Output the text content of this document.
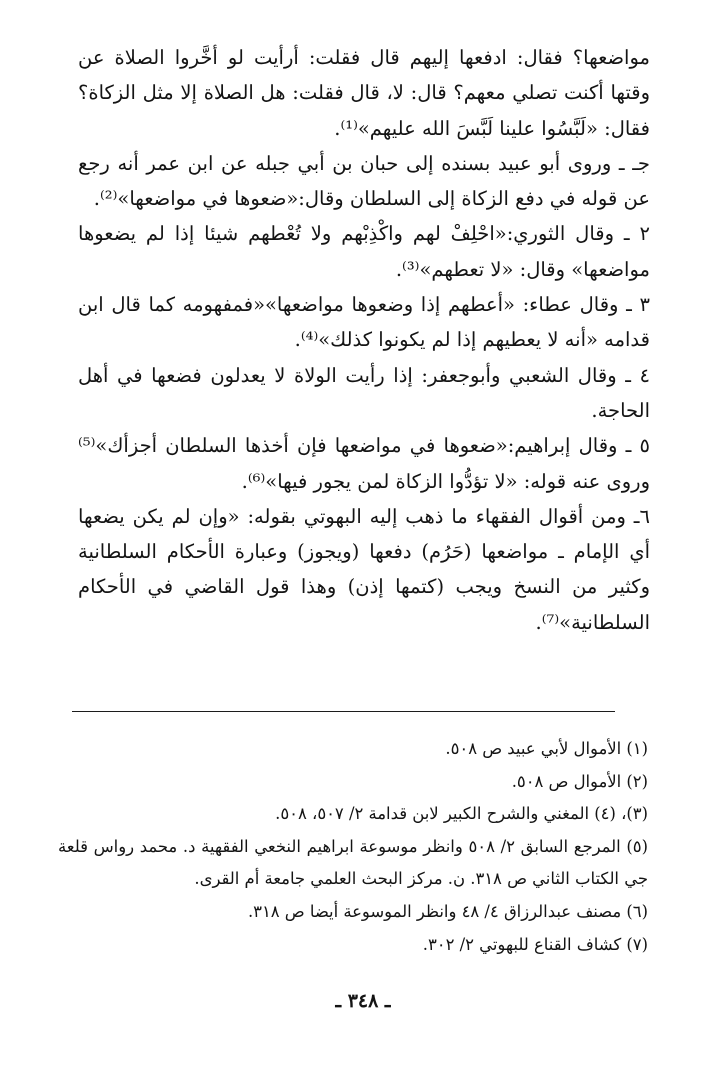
مواضعها؟ فقال: ادفعها إليهم قال فقلت: أرأيت لو أخَّروا الصلاة عن وقتها أكنت تصلي معهم؟ قال: لا، قال فقلت: هل الصلاة إلا مثل الزكاة؟ فقال: «لَبَّسُوا علينا لَبَّسَ الله عليهم»⁽¹⁾.

جـ ـ وروى أبو عبيد بسنده إلى حبان بن أبي جبله عن ابن عمر أنه رجع عن قوله في دفع الزكاة إلى السلطان وقال:«ضعوها في مواضعها»⁽²⁾.

٢ ـ وقال الثوري:«احْلِفْ لهم واكْذِبْهم ولا تُعْطهم شيئا إذا لم يضعوها مواضعها» وقال: «لا تعطهم»⁽³⁾.

٣ ـ وقال عطاء: «أعطهم إذا وضعوها مواضعها»«فمفهومه كما قال ابن قدامه «أنه لا يعطيهم إذا لم يكونوا كذلك»⁽⁴⁾.

٤ ـ وقال الشعبي وأبوجعفر: إذا رأيت الولاة لا يعدلون فضعها في أهل الحاجة.

٥ ـ وقال إبراهيم:«ضعوها في مواضعها فإن أخذها السلطان أجزأك»⁽⁵⁾ وروى عنه قوله: «لا تؤدُّوا الزكاة لمن يجور فيها»⁽⁶⁾.

٦ـ ومن أقوال الفقهاء ما ذهب إليه البهوتي بقوله: «وإن لم يكن يضعها أي الإمام ـ مواضعها (حَرُم) دفعها (ويجوز) وعبارة الأحكام السلطانية وكثير من النسخ ويجب (كتمها إذن) وهذا قول القاضي في الأحكام السلطانية»⁽⁷⁾.

(١) الأموال لأبي عبيد ص ٥٠٨.

(٢) الأموال ص ٥٠٨.

(٣)، (٤) المغني والشرح الكبير لابن قدامة ٢/ ٥٠٧، ٥٠٨.

(٥) المرجع السابق ٢/ ٥٠٨ وانظر موسوعة ابراهيم النخعي الفقهية د. محمد رواس قلعة جي الكتاب الثاني ص ٣١٨. ن. مركز البحث العلمي جامعة أم القرى.

(٦) مصنف عبدالرزاق ٤/ ٤٨ وانظر الموسوعة أيضا ص ٣١٨.

(٧) كشاف القناع للبهوتي ٢/ ٣٠٢.

ـ ٣٤٨ ـ
